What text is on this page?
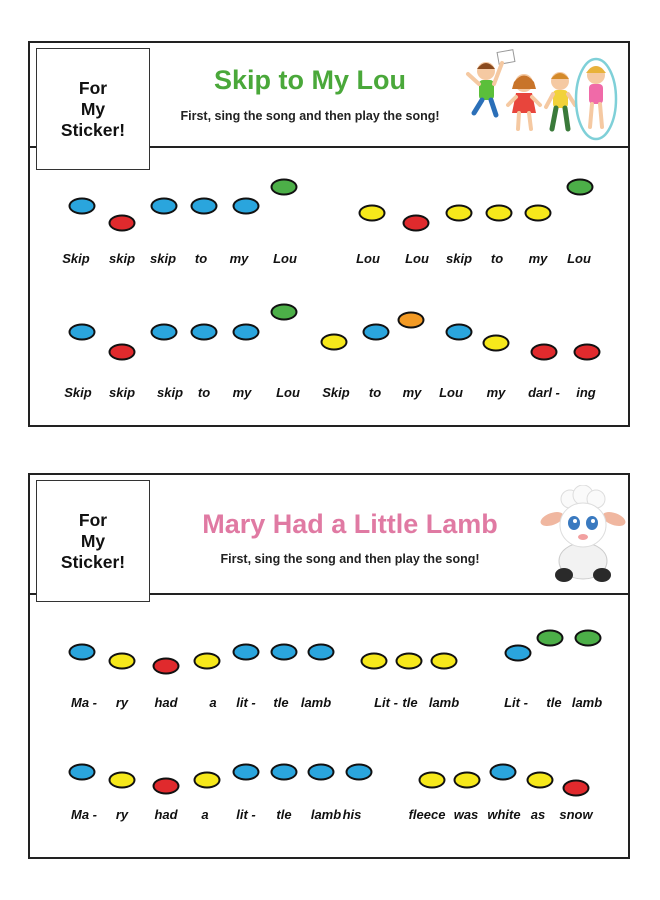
For
My
Sticker!
Skip to My Lou
First, sing the song and then play the song!
Skip skip skip to my Lou	Lou Lou skip to my Lou
Skip skip skip to my Lou Skip to my Lou my darl - ing
For
My
Sticker!
Mary Had a Little Lamb
First, sing the song and then play the song!
Ma - ry had a lit - tle lamb	Lit - tle lamb	Lit - tle lamb
Ma - ry had a lit - tle lamb his	fleece was white as snow
